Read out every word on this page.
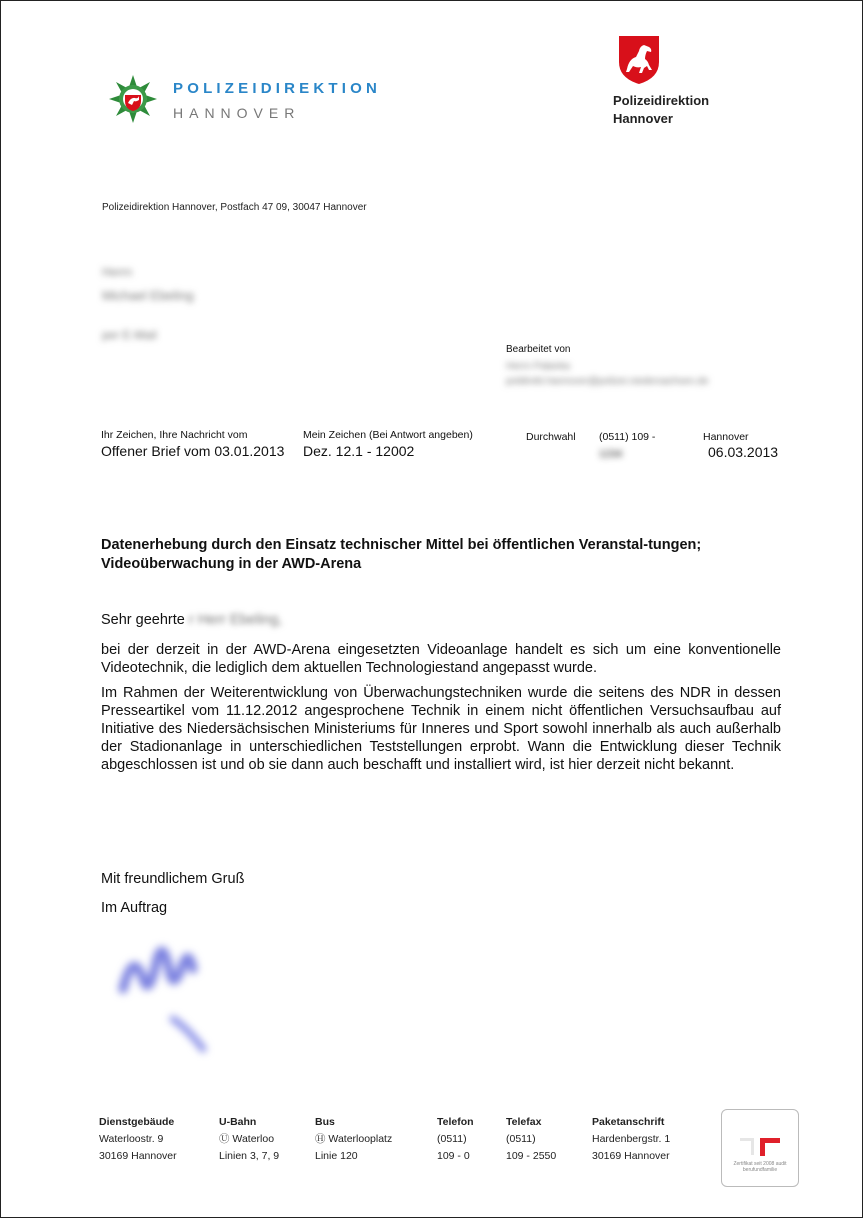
POLIZEIDIREKTION
HANNOVER
Polizeidirektion
Hannover
Polizeidirektion Hannover, Postfach 47 09, 30047 Hannover
Herrn
Michael Ebeling
per E-Mail
Bearbeitet von
Herrn Palanka
poldirekt.hannover@polizei.niedersachsen.de
Ihr Zeichen, Ihre Nachricht vom
Offener Brief vom 03.01.2013
Mein Zeichen (Bei Antwort angeben)
Dez. 12.1 - 12002
Durchwahl (0511) 109 -
1234
Hannover
06.03.2013
Datenerhebung durch den Einsatz technischer Mittel bei öffentlichen Veranstal-tungen; Videoüberwachung in der AWD-Arena
Sehr geehrte r Herr Ebeling,

bei der derzeit in der AWD-Arena eingesetzten Videoanlage handelt es sich um eine konventionelle Videotechnik, die lediglich dem aktuellen Technologiestand angepasst wurde.

Im Rahmen der Weiterentwicklung von Überwachungstechniken wurde die seitens des NDR in dessen Presseartikel vom 11.12.2012 angesprochene Technik in einem nicht öffentlichen Versuchsaufbau auf Initiative des Niedersächsischen Ministeriums für Inneres und Sport sowohl innerhalb als auch außerhalb der Stadionanlage in unterschiedlichen Teststellungen erprobt. Wann die Entwicklung dieser Technik abgeschlossen ist und ob sie dann auch beschafft und installiert wird, ist hier derzeit nicht bekannt.

Mit freundlichem Gruß
Im Auftrag
Dienstgebäude
Waterloostr. 9
30169 Hannover
U-Bahn
Ⓤ Waterloo
Linien 3, 7, 9
Bus
Ⓗ Waterlooplatz
Linie 120
Telefon
(0511)
109 - 0
Telefax
(0511)
109 - 2550
Paketanschrift
Hardenbergstr. 1
30169 Hannover
Zertifikat seit 2008 audit berufundfamilie
